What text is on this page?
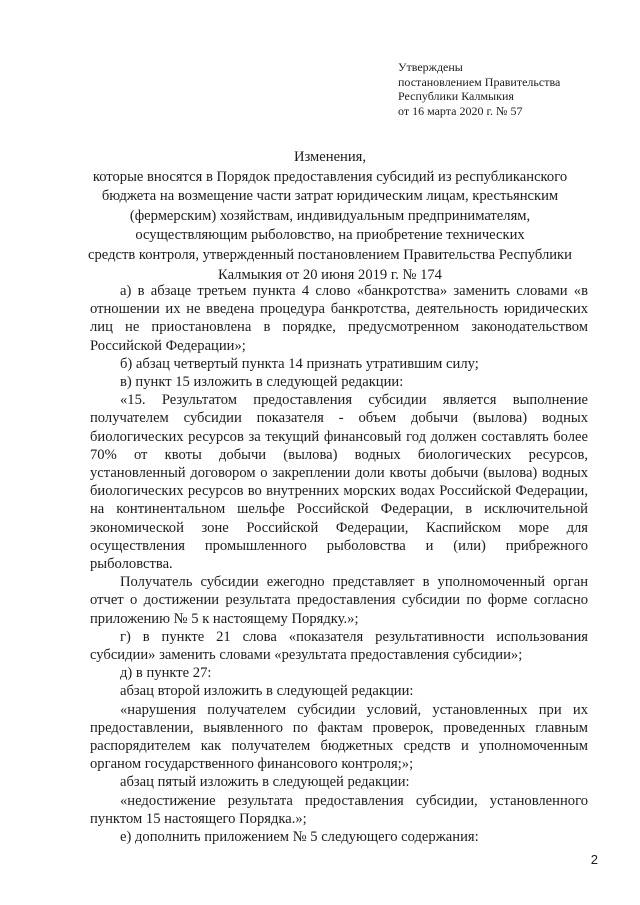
Утверждены
постановлением Правительства
Республики Калмыкия
от 16 марта 2020 г. № 57
Изменения,
которые вносятся в Порядок предоставления субсидий из республиканского
бюджета на возмещение части затрат юридическим лицам, крестьянским
(фермерским) хозяйствам, индивидуальным предпринимателям,
осуществляющим рыболовство, на приобретение технических
средств контроля, утвержденный постановлением Правительства Республики
Калмыкия от 20 июня 2019 г. № 174

а) в абзаце третьем пункта 4 слово «банкротства» заменить словами «в отношении их не введена процедура банкротства, деятельность юридических лиц не приостановлена в порядке, предусмотренном законодательством Российской Федерации»;

б) абзац четвертый пункта 14 признать утратившим силу;

в) пункт 15 изложить в следующей редакции:

«15. Результатом предоставления субсидии является выполнение получателем субсидии показателя - объем добычи (вылова) водных биологических ресурсов за текущий финансовый год должен составлять более 70% от квоты добычи (вылова) водных биологических ресурсов, установленный договором о закреплении доли квоты добычи (вылова) водных биологических ресурсов во внутренних морских водах Российской Федерации, на континентальном шельфе Российской Федерации, в исключительной экономической зоне Российской Федерации, Каспийском море для осуществления промышленного рыболовства и (или) прибрежного рыболовства.

Получатель субсидии ежегодно представляет в уполномоченный орган отчет о достижении результата предоставления субсидии по форме согласно приложению № 5 к настоящему Порядку.»;

г) в пункте 21 слова «показателя результативности использования субсидии» заменить словами «результата предоставления субсидии»;

д) в пункте 27:

абзац второй изложить в следующей редакции:

«нарушения получателем субсидии условий, установленных при их предоставлении, выявленного по фактам проверок, проведенных главным распорядителем как получателем бюджетных средств и уполномоченным органом государственного финансового контроля;»;

абзац пятый изложить в следующей редакции:

«недостижение результата предоставления субсидии, установленного пунктом 15 настоящего Порядка.»;

е) дополнить приложением № 5 следующего содержания:

2
